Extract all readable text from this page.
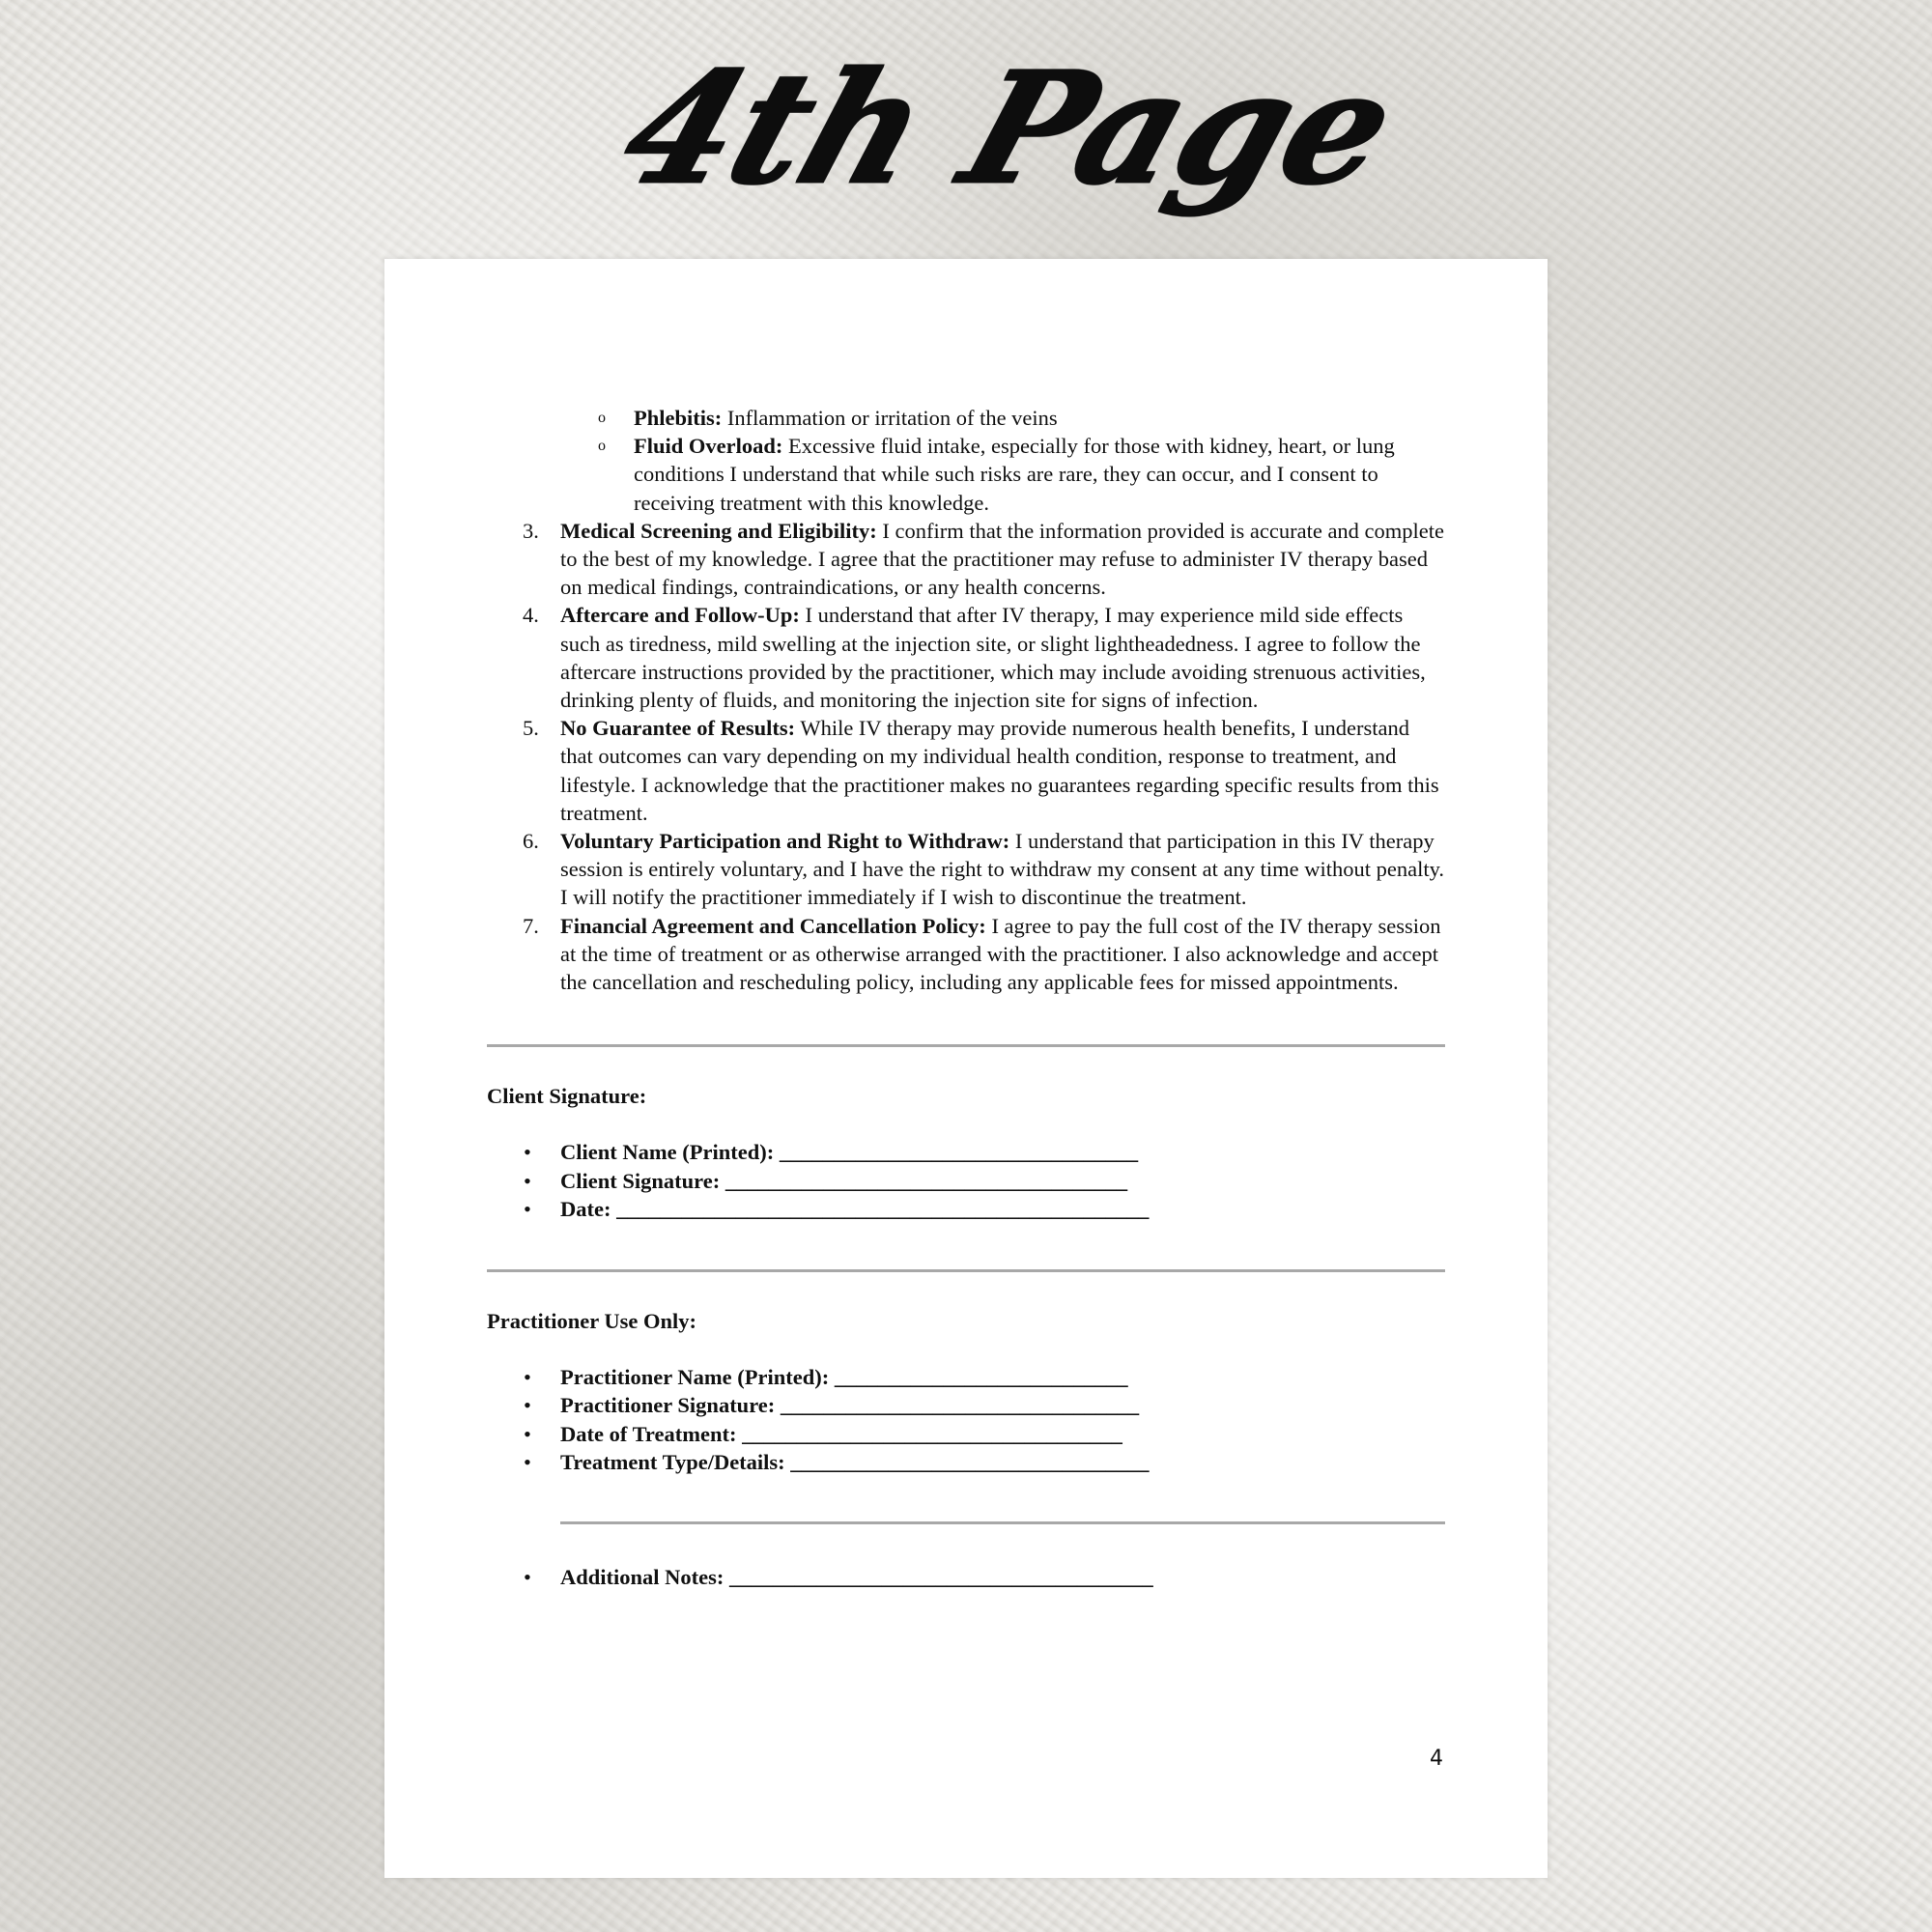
4th Page
o Phlebitis: Inflammation or irritation of the veins
o Fluid Overload: Excessive fluid intake, especially for those with kidney, heart, or lung conditions I understand that while such risks are rare, they can occur, and I consent to receiving treatment with this knowledge.
3. Medical Screening and Eligibility: I confirm that the information provided is accurate and complete to the best of my knowledge. I agree that the practitioner may refuse to administer IV therapy based on medical findings, contraindications, or any health concerns.
4. Aftercare and Follow-Up: I understand that after IV therapy, I may experience mild side effects such as tiredness, mild swelling at the injection site, or slight lightheadedness. I agree to follow the aftercare instructions provided by the practitioner, which may include avoiding strenuous activities, drinking plenty of fluids, and monitoring the injection site for signs of infection.
5. No Guarantee of Results: While IV therapy may provide numerous health benefits, I understand that outcomes can vary depending on my individual health condition, response to treatment, and lifestyle. I acknowledge that the practitioner makes no guarantees regarding specific results from this treatment.
6. Voluntary Participation and Right to Withdraw: I understand that participation in this IV therapy session is entirely voluntary, and I have the right to withdraw my consent at any time without penalty. I will notify the practitioner immediately if I wish to discontinue the treatment.
7. Financial Agreement and Cancellation Policy: I agree to pay the full cost of the IV therapy session at the time of treatment or as otherwise arranged with the practitioner. I also acknowledge and accept the cancellation and rescheduling policy, including any applicable fees for missed appointments.
Client Signature:
• Client Name (Printed): _________________________________
• Client Signature: _____________________________________
• Date: _________________________________________________
Practitioner Use Only:
• Practitioner Name (Printed): ___________________________
• Practitioner Signature: _________________________________
• Date of Treatment: ___________________________________
• Treatment Type/Details: _________________________________
• Additional Notes: _______________________________________
4
